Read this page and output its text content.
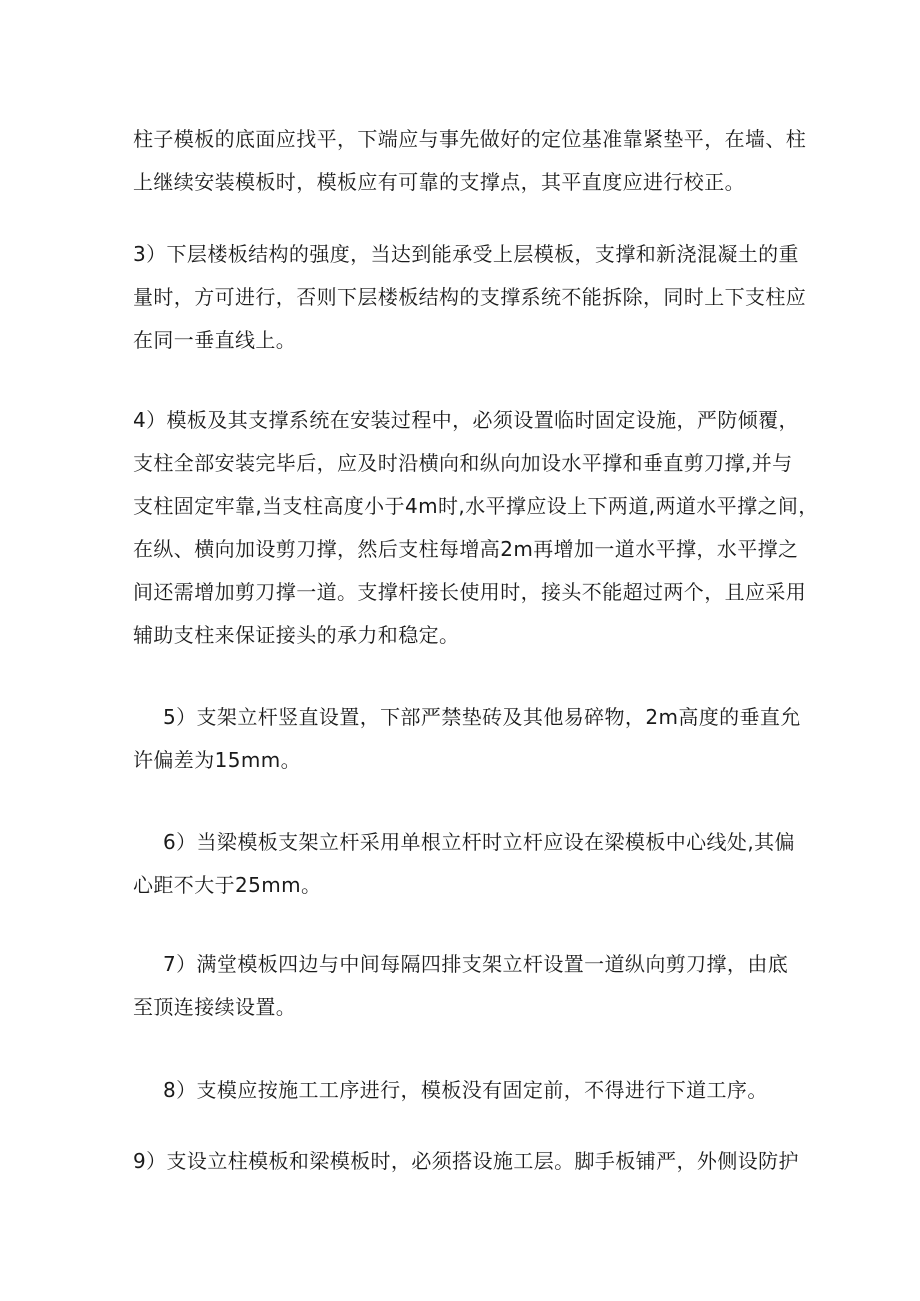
柱子模板的底面应找平，下端应与事先做好的定位基准靠紧垫平，在墙、柱
上继续安装模板时，模板应有可靠的支撑点，其平直度应进行校正。

3）下层楼板结构的强度，当达到能承受上层模板，支撑和新浇混凝土的重
量时，方可进行，否则下层楼板结构的支撑系统不能拆除，同时上下支柱应
在同一垂直线上。

4）模板及其支撑系统在安装过程中，必须设置临时固定设施，严防倾覆，
支柱全部安装完毕后，应及时沿横向和纵向加设水平撑和垂直剪刀撑,并与
支柱固定牢靠,当支柱高度小于4m时,水平撑应设上下两道,两道水平撑之间，
在纵、横向加设剪刀撑，然后支柱每增高2m再增加一道水平撑，水平撑之
间还需增加剪刀撑一道。支撑杆接长使用时，接头不能超过两个，且应采用
辅助支柱来保证接头的承力和稳定。

5）支架立杆竖直设置，下部严禁垫砖及其他易碎物，2m高度的垂直允
许偏差为15mm。

6）当梁模板支架立杆采用单根立杆时立杆应设在梁模板中心线处,其偏
心距不大于25mm。

7）满堂模板四边与中间每隔四排支架立杆设置一道纵向剪刀撑，由底
至顶连接续设置。

8）支模应按施工工序进行，模板没有固定前，不得进行下道工序。

9）支设立柱模板和梁模板时，必须搭设施工层。脚手板铺严，外侧设防护
